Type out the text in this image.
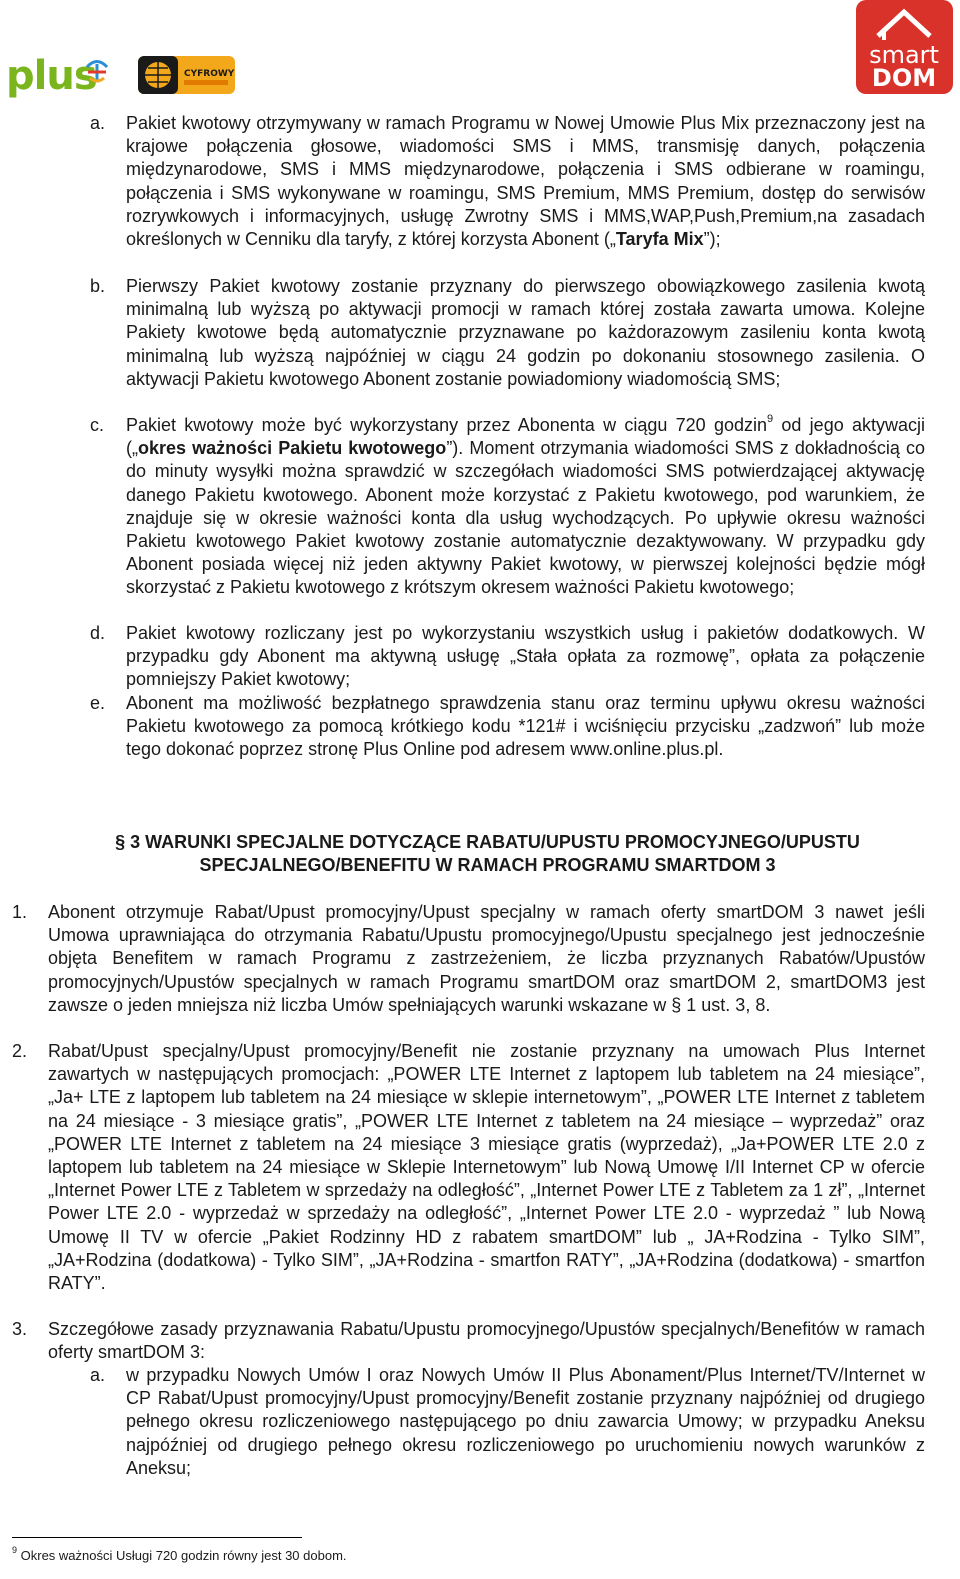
plus	CYFROWY
smart
DOM
a. Pakiet kwotowy otrzymywany w ramach Programu w Nowej Umowie Plus Mix przeznaczony jest na krajowe połączenia głosowe, wiadomości SMS i MMS, transmisję danych, połączenia międzynarodowe, SMS i MMS międzynarodowe, połączenia i SMS odbierane w roamingu, połączenia i SMS wykonywane w roamingu, SMS Premium, MMS Premium, dostęp do serwisów rozrywkowych i informacyjnych, usługę Zwrotny SMS i MMS,WAP,Push,Premium,na zasadach określonych w Cenniku dla taryfy, z której korzysta Abonent („Taryfa Mix”);
b. Pierwszy Pakiet kwotowy zostanie przyznany do pierwszego obowiązkowego zasilenia kwotą minimalną lub wyższą po aktywacji promocji w ramach której została zawarta umowa. Kolejne Pakiety kwotowe będą automatycznie przyznawane po każdorazowym zasileniu konta kwotą minimalną lub wyższą najpóźniej w ciągu 24 godzin po dokonaniu stosownego zasilenia. O aktywacji Pakietu kwotowego Abonent zostanie powiadomiony wiadomością SMS;
c. Pakiet kwotowy może być wykorzystany przez Abonenta w ciągu 720 godzin$^9$ od jego aktywacji („okres ważności Pakietu kwotowego”). Moment otrzymania wiadomości SMS z dokładnością co do minuty wysyłki można sprawdzić w szczegółach wiadomości SMS potwierdzającej aktywację danego Pakietu kwotowego. Abonent może korzystać z Pakietu kwotowego, pod warunkiem, że znajduje się w okresie ważności konta dla usług wychodzących. Po upływie okresu ważności Pakietu kwotowego Pakiet kwotowy zostanie automatycznie dezaktywowany. W przypadku gdy Abonent posiada więcej niż jeden aktywny Pakiet kwotowy, w pierwszej kolejności będzie mógł skorzystać z Pakietu kwotowego z krótszym okresem ważności Pakietu kwotowego;
d. Pakiet kwotowy rozliczany jest po wykorzystaniu wszystkich usług i pakietów dodatkowych. W przypadku gdy Abonent ma aktywną usługę „Stała opłata za rozmowę”, opłata za połączenie pomniejszy Pakiet kwotowy;
e. Abonent ma możliwość bezpłatnego sprawdzenia stanu oraz terminu upływu okresu ważności Pakietu kwotowego za pomocą krótkiego kodu *121# i wciśnięciu przycisku „zadzwoń” lub może tego dokonać poprzez stronę Plus Online pod adresem www.online.plus.pl.
§ 3 WARUNKI SPECJALNE DOTYCZĄCE RABATU/UPUSTU PROMOCYJNEGO/UPUSTU
SPECJALNEGO/BENEFITU W RAMACH PROGRAMU SMARTDOM 3
1. Abonent otrzymuje Rabat/Upust promocyjny/Upust specjalny w ramach oferty smartDOM 3 nawet jeśli Umowa uprawniająca do otrzymania Rabatu/Upustu promocyjnego/Upustu specjalnego jest jednocześnie objęta Benefitem w ramach Programu z zastrzeżeniem, że liczba przyznanych Rabatów/Upustów promocyjnych/Upustów specjalnych w ramach Programu smartDOM oraz smartDOM 2, smartDOM3 jest zawsze o jeden mniejsza niż liczba Umów spełniających warunki wskazane w § 1 ust. 3, 8.
2. Rabat/Upust specjalny/Upust promocyjny/Benefit nie zostanie przyznany na umowach Plus Internet zawartych w następujących promocjach: „POWER LTE Internet z laptopem lub tabletem na 24 miesiące”, „Ja+ LTE z laptopem lub tabletem na 24 miesiące w sklepie internetowym”, „POWER LTE Internet z tabletem na 24 miesiące - 3 miesiące gratis”, „POWER LTE Internet z tabletem na 24 miesiące – wyprzedaż” oraz „POWER LTE Internet z tabletem na 24 miesiące 3 miesiące gratis (wyprzedaż), „Ja+POWER LTE 2.0 z laptopem lub tabletem na 24 miesiące w Sklepie Internetowym” lub Nową Umowę I/II Internet CP w ofercie „Internet Power LTE z Tabletem w sprzedaży na odległość”, „Internet Power LTE z Tabletem za 1 zł”, „Internet Power LTE 2.0 - wyprzedaż w sprzedaży na odległość”, „Internet Power LTE 2.0 - wyprzedaż ” lub Nową Umowę II TV w ofercie „Pakiet Rodzinny HD z rabatem smartDOM” lub „ JA+Rodzina - Tylko SIM”, „JA+Rodzina (dodatkowa) - Tylko SIM”, „JA+Rodzina - smartfon RATY”, „JA+Rodzina (dodatkowa) - smartfon RATY”.
3. Szczegółowe zasady przyznawania Rabatu/Upustu promocyjnego/Upustów specjalnych/Benefitów w ramach oferty smartDOM 3:
a. w przypadku Nowych Umów I oraz Nowych Umów II Plus Abonament/Plus Internet/TV/Internet w CP Rabat/Upust promocyjny/Upust promocyjny/Benefit zostanie przyznany najpóźniej od drugiego pełnego okresu rozliczeniowego następującego po dniu zawarcia Umowy; w przypadku Aneksu najpóźniej od drugiego pełnego okresu rozliczeniowego po uruchomieniu nowych warunków z Aneksu;
$^9$ Okres ważności Usługi 720 godzin równy jest 30 dobom.
